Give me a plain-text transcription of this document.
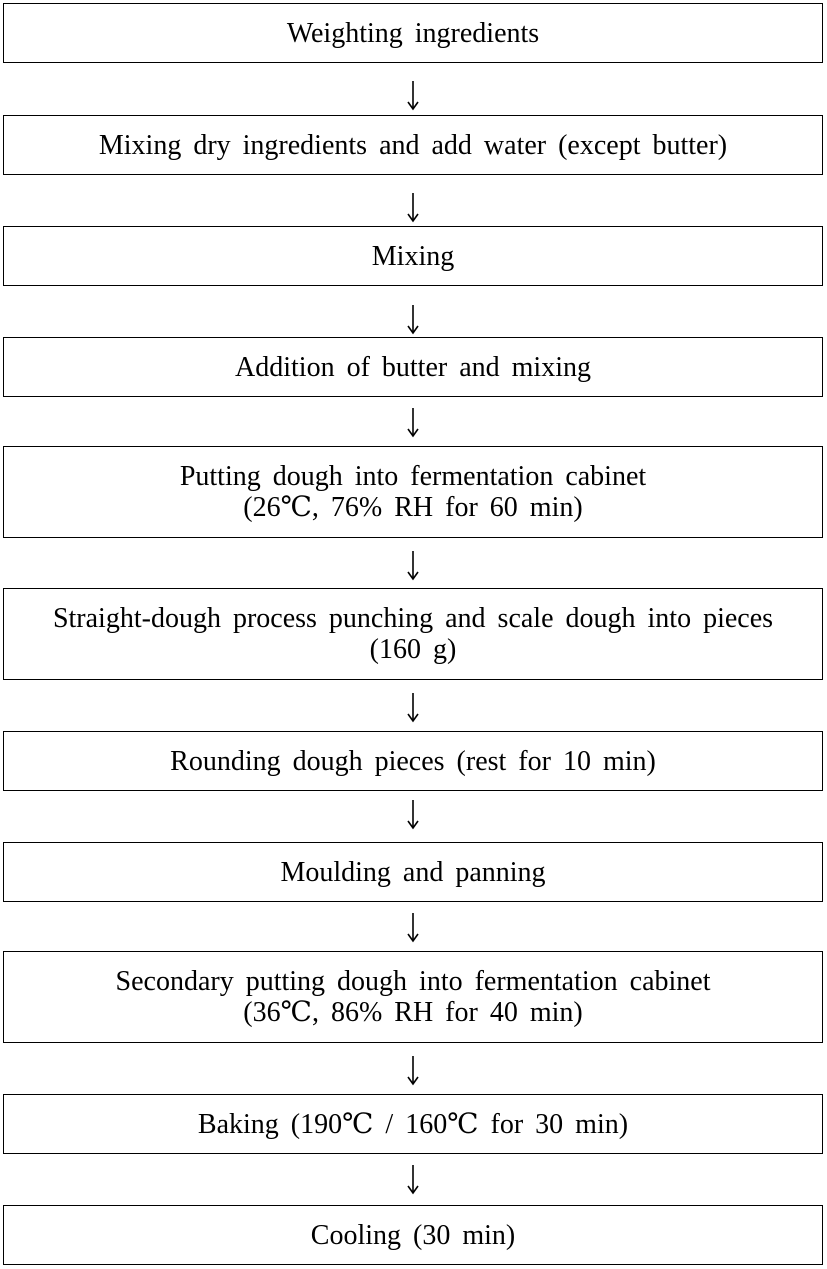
Weighting ingredients
Mixing dry ingredients and add water (except butter)
Mixing
Addition of butter and mixing
Putting dough into fermentation cabinet
(26℃, 76% RH for 60 min)
Straight-dough process punching and scale dough into pieces
(160 g)
Rounding dough pieces (rest for 10 min)
Moulding and panning
Secondary putting dough into fermentation cabinet
(36℃, 86% RH for 40 min)
Baking (190℃ / 160℃ for 30 min)
Cooling (30 min)
